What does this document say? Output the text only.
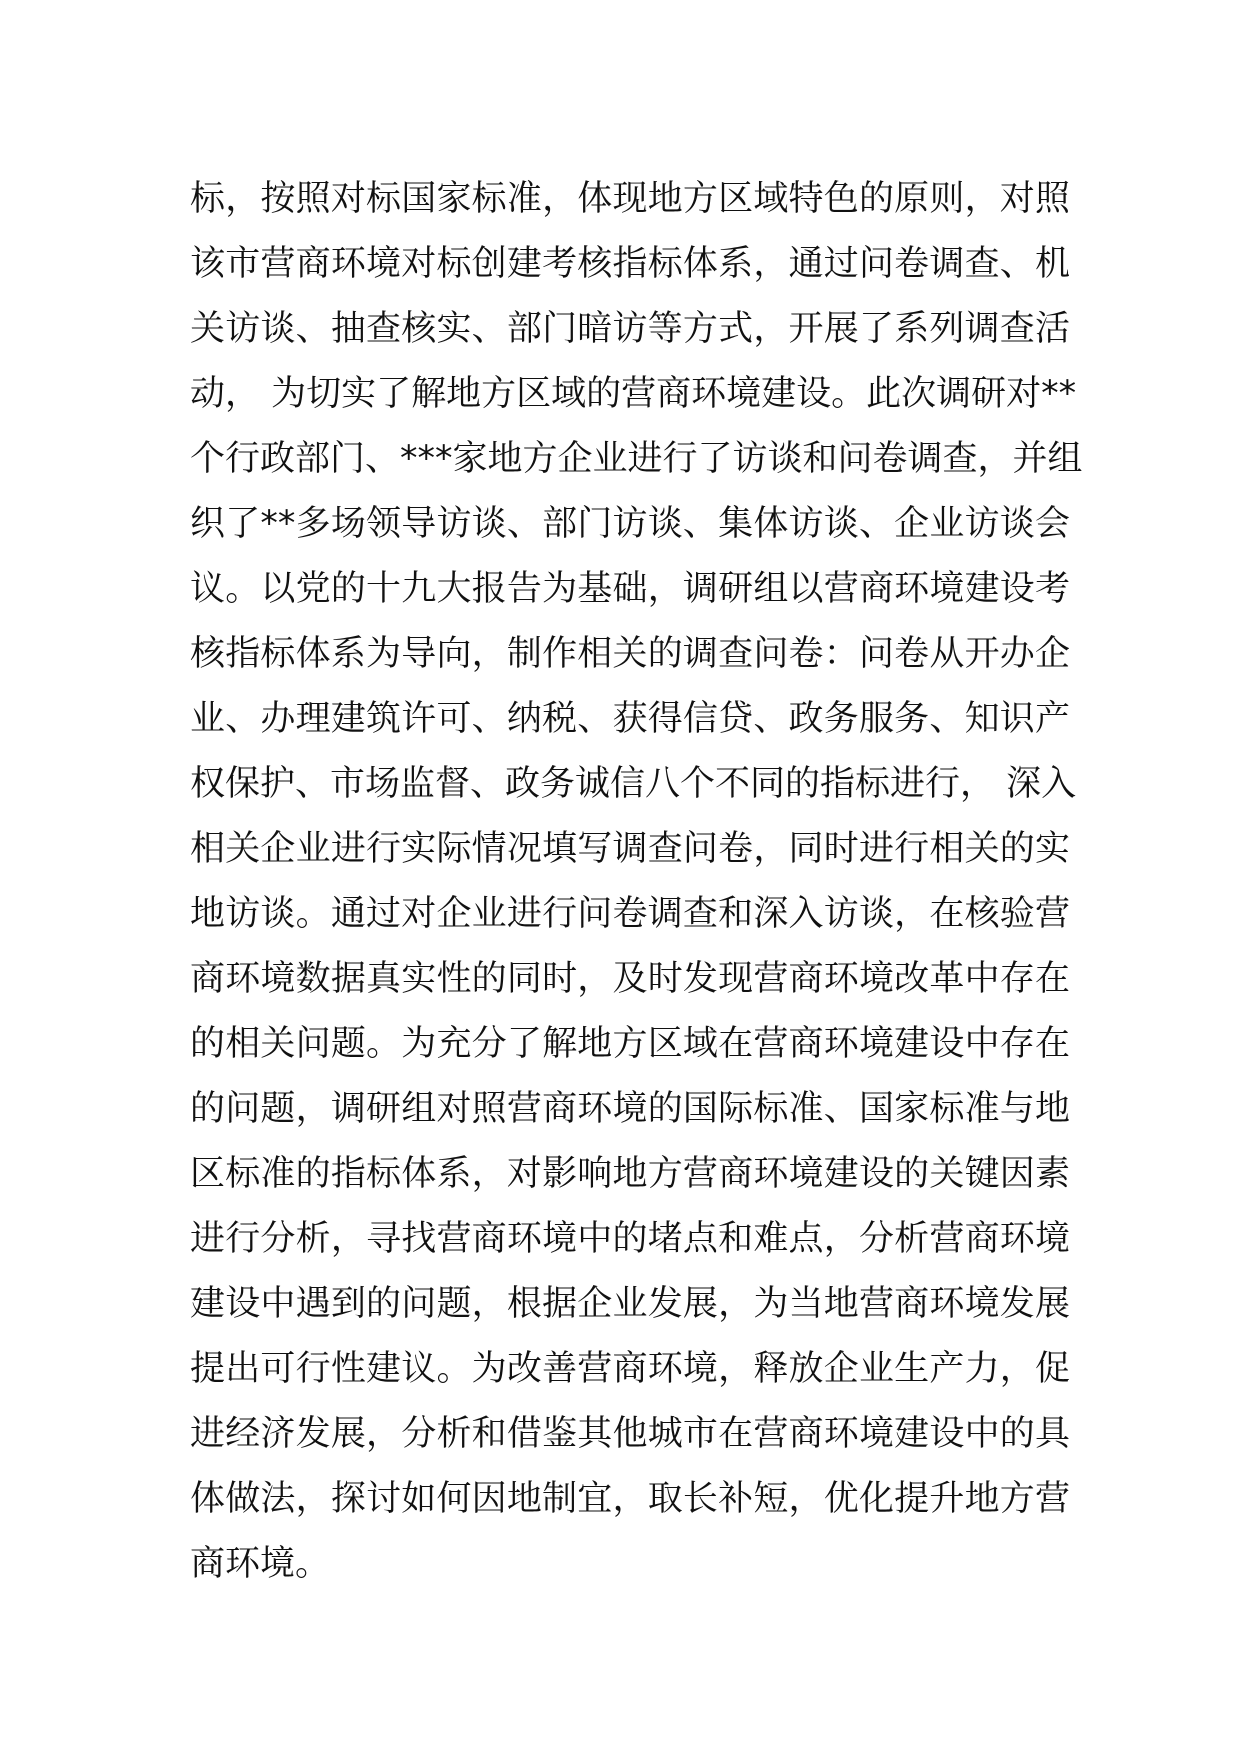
标，按照对标国家标准，体现地方区域特色的原则，对照
该市营商环境对标创建考核指标体系，通过问卷调查、机
关访谈、抽查核实、部门暗访等方式，开展了系列调查活
动， 为切实了解地方区域的营商环境建设。此次调研对**
个行政部门、***家地方企业进行了访谈和问卷调查，并组
织了**多场领导访谈、部门访谈、集体访谈、企业访谈会
议。以党的十九大报告为基础，调研组以营商环境建设考
核指标体系为导向，制作相关的调查问卷：问卷从开办企
业、办理建筑许可、纳税、获得信贷、政务服务、知识产
权保护、市场监督、政务诚信八个不同的指标进行， 深入
相关企业进行实际情况填写调查问卷，同时进行相关的实
地访谈。通过对企业进行问卷调查和深入访谈，在核验营
商环境数据真实性的同时，及时发现营商环境改革中存在
的相关问题。为充分了解地方区域在营商环境建设中存在
的问题，调研组对照营商环境的国际标准、国家标准与地
区标准的指标体系，对影响地方营商环境建设的关键因素
进行分析，寻找营商环境中的堵点和难点，分析营商环境
建设中遇到的问题，根据企业发展，为当地营商环境发展
提出可行性建议。为改善营商环境，释放企业生产力，促
进经济发展，分析和借鉴其他城市在营商环境建设中的具
体做法，探讨如何因地制宜，取长补短，优化提升地方营
商环境。
